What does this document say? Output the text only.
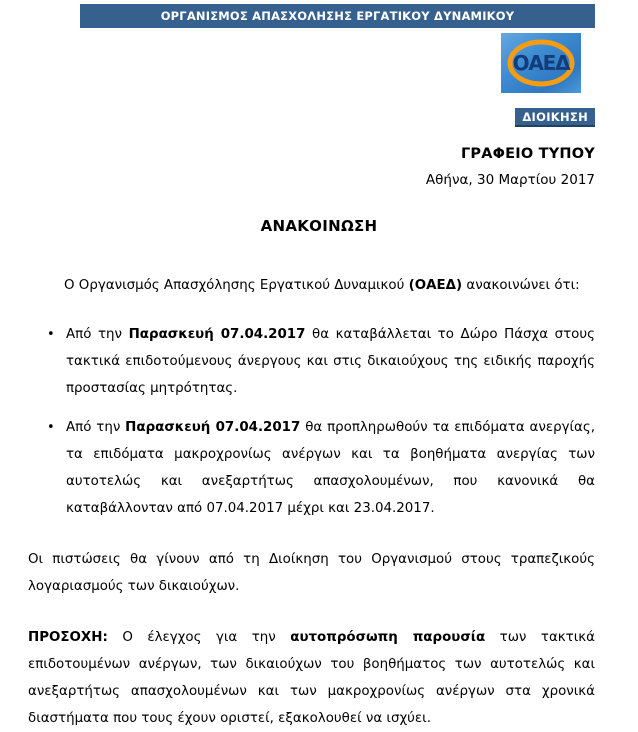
ΟΡΓΑΝΙΣΜΟΣ ΑΠΑΣΧΟΛΗΣΗΣ ΕΡΓΑΤΙΚΟΥ ΔΥΝΑΜΙΚΟΥ
ΟΑΕΔ
ΔΙΟΙΚΗΣΗ
ΓΡΑΦΕΙΟ ΤΥΠΟΥ
Αθήνα, 30 Μαρτίου 2017
ΑΝΑΚΟΙΝΩΣΗ

Ο Οργανισμός Απασχόλησης Εργατικού Δυναμικού (ΟΑΕΔ) ανακοινώνει ότι:

• Από την Παρασκευή 07.04.2017 θα καταβάλλεται το Δώρο Πάσχα στους τακτικά επιδοτούμενους άνεργους και στις δικαιούχους της ειδικής παροχής προστασίας μητρότητας.
• Από την Παρασκευή 07.04.2017 θα προπληρωθούν τα επιδόματα ανεργίας, τα επιδόματα μακροχρονίως ανέργων και τα βοηθήματα ανεργίας των αυτοτελώς και ανεξαρτήτως απασχολουμένων, που κανονικά θα καταβάλλονταν από 07.04.2017 μέχρι και 23.04.2017.

Οι πιστώσεις θα γίνουν από τη Διοίκηση του Οργανισμού στους τραπεζικούς λογαριασμούς των δικαιούχων.

ΠΡΟΣΟΧΗ: Ο έλεγχος για την αυτοπρόσωπη παρουσία των τακτικά επιδοτουμένων ανέργων, των δικαιούχων του βοηθήματος των αυτοτελώς και ανεξαρτήτως απασχολουμένων και των μακροχρονίως ανέργων στα χρονικά διαστήματα που τους έχουν οριστεί, εξακολουθεί να ισχύει.
